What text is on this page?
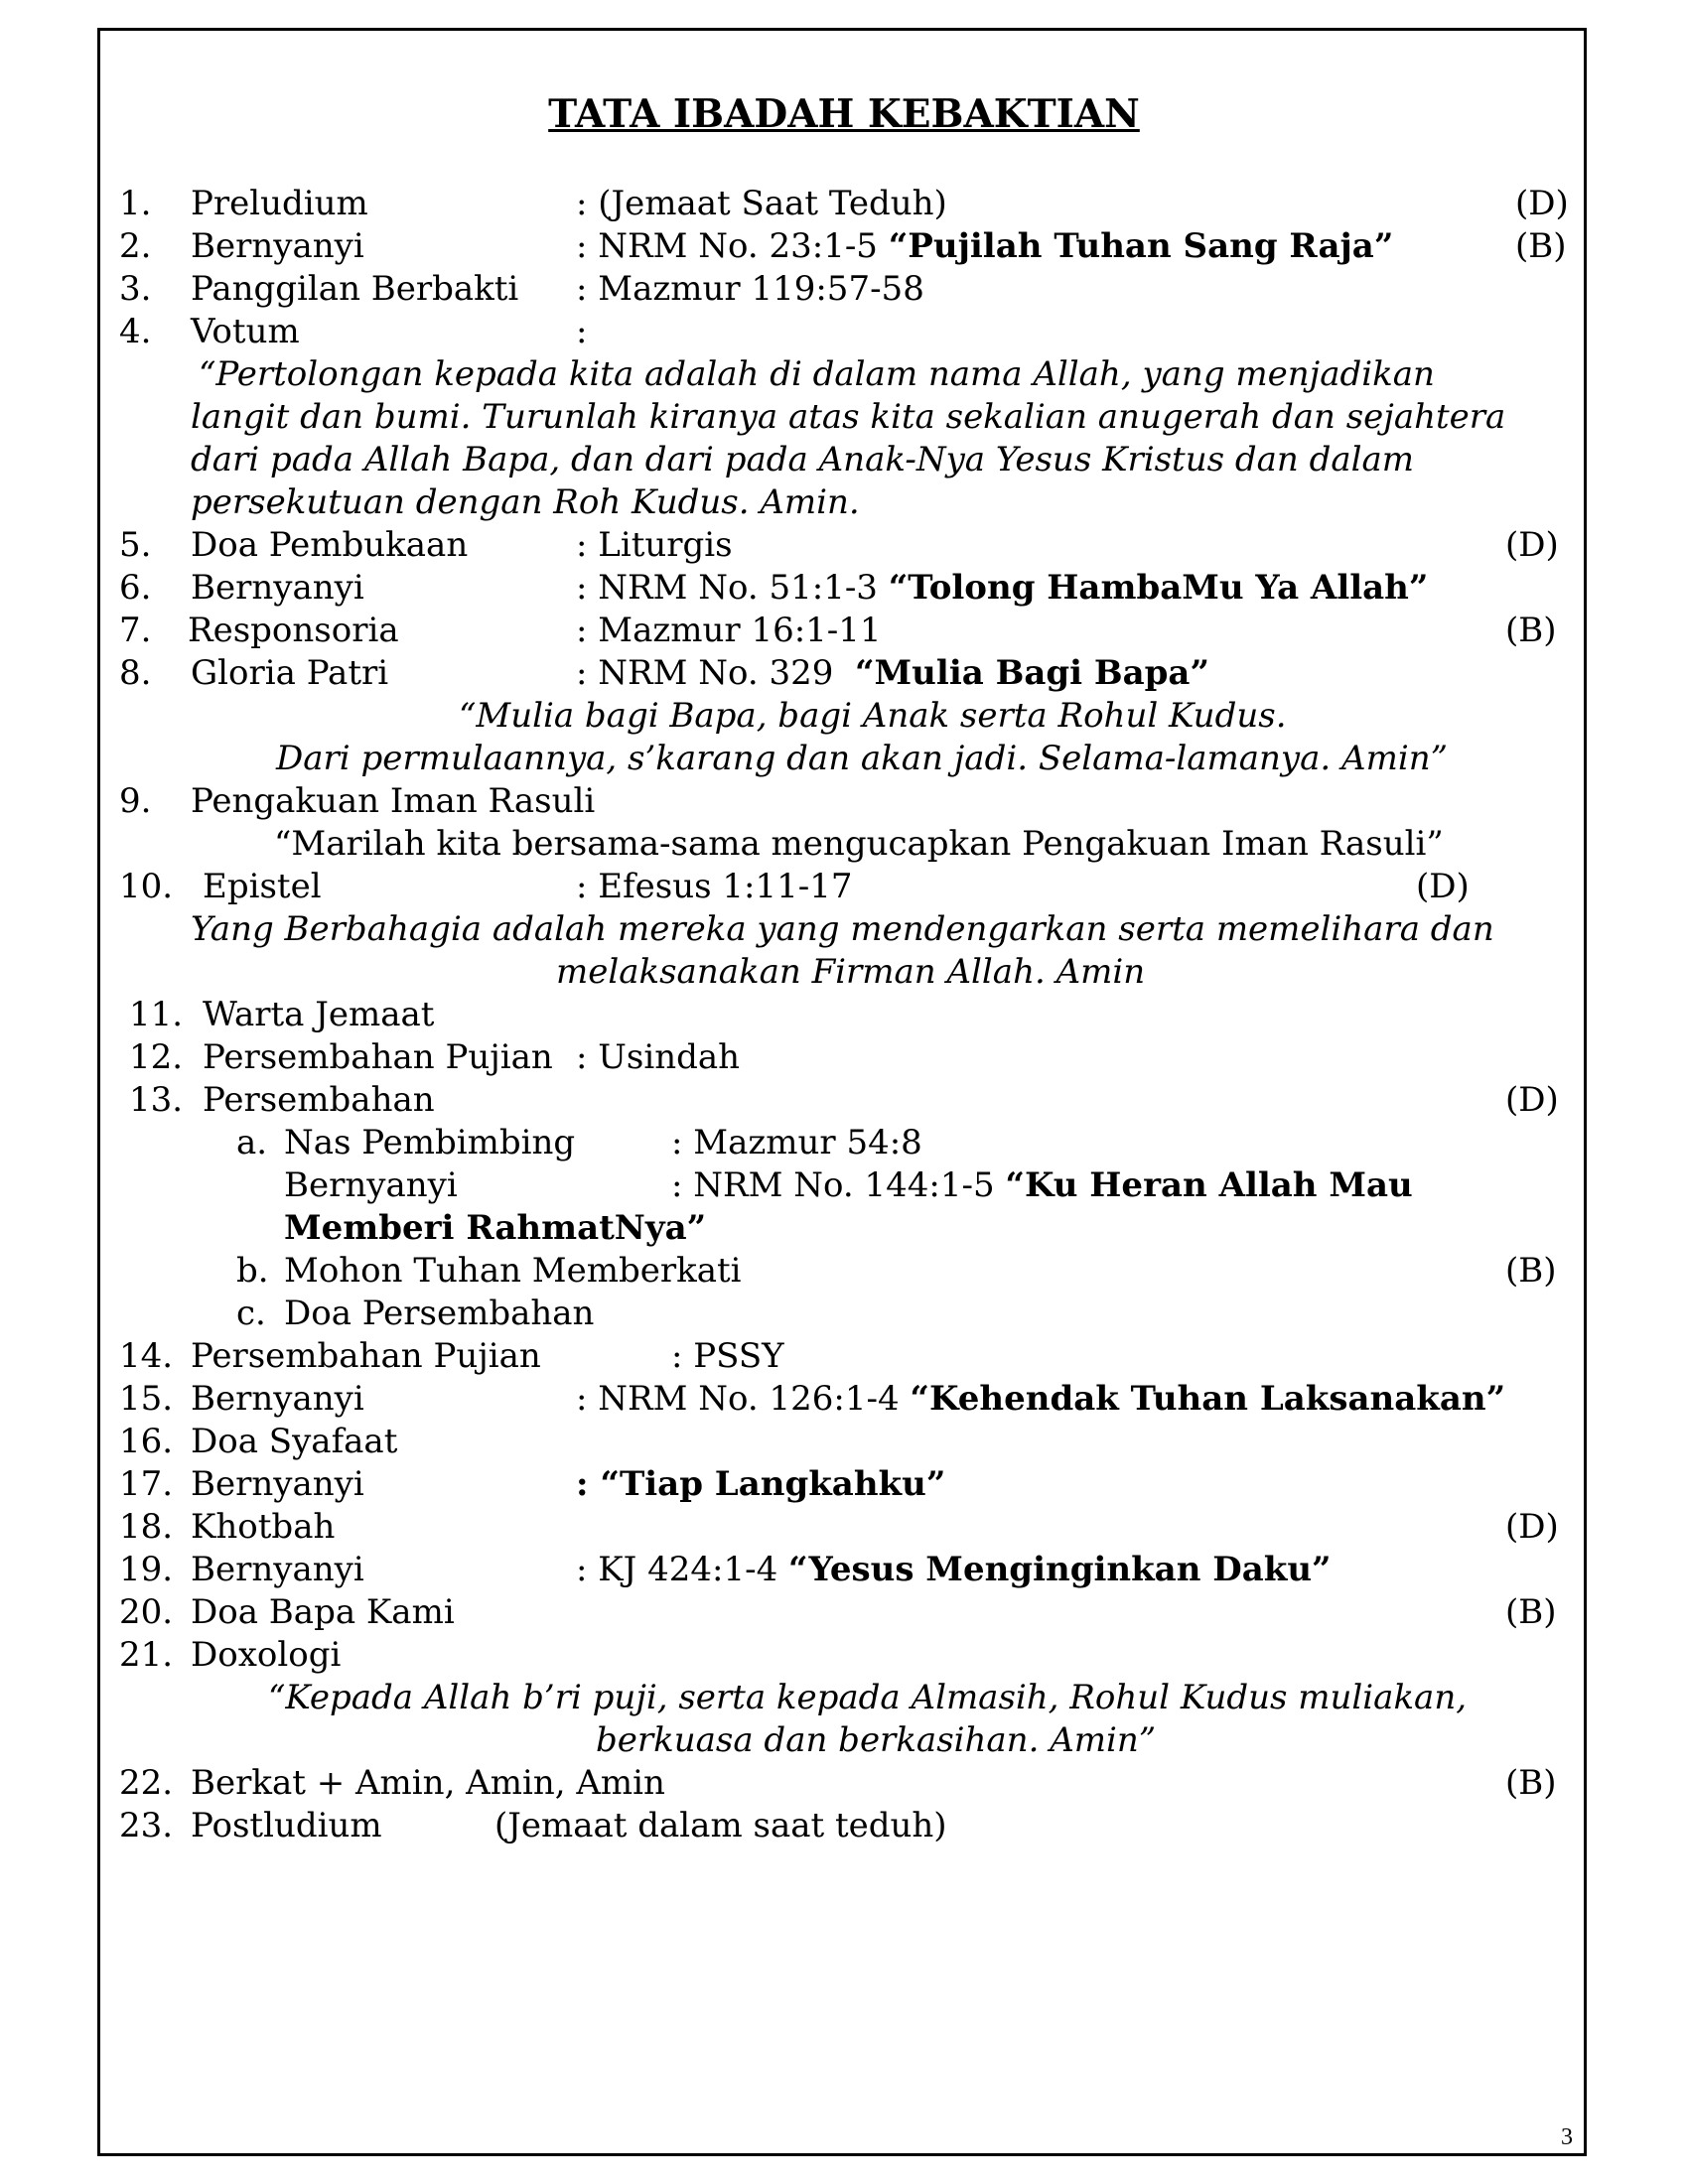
TATA IBADAH KEBAKTIAN
1. Preludium	: (Jemaat Saat Teduh)	(D)
2. Bernyanyi	: NRM No. 23:1-5 “Pujilah Tuhan Sang Raja”	(B)
3. Panggilan Berbakti : Mazmur 119:57-58
4. Votum	:
“Pertolongan kepada kita adalah di dalam nama Allah, yang menjadikan
langit dan bumi. Turunlah kiranya atas kita sekalian anugerah dan sejahtera
dari pada Allah Bapa, dan dari pada Anak-Nya Yesus Kristus dan dalam
persekutuan dengan Roh Kudus. Amin.
5. Doa Pembukaan	: Liturgis	(D)
6. Bernyanyi	: NRM No. 51:1-3 “Tolong HambaMu Ya Allah”
7. Responsoria	: Mazmur 16:1-11	(B)
8. Gloria Patri	: NRM No. 329  “Mulia Bagi Bapa”
“Mulia bagi Bapa, bagi Anak serta Rohul Kudus.
Dari permulaannya, s’karang dan akan jadi. Selama-lamanya. Amin”
9. Pengakuan Iman Rasuli
“Marilah kita bersama-sama mengucapkan Pengakuan Iman Rasuli”
10. Epistel	: Efesus 1:11-17	(D)
Yang Berbahagia adalah mereka yang mendengarkan serta memelihara dan
melaksanakan Firman Allah. Amin
11. Warta Jemaat
12. Persembahan Pujian : Usindah
13. Persembahan	(D)
a. Nas Pembimbing	: Mazmur 54:8
Bernyanyi	: NRM No. 144:1-5 “Ku Heran Allah Mau
Memberi RahmatNya”
b. Mohon Tuhan Memberkati	(B)
c. Doa Persembahan
14. Persembahan Pujian	: PSSY
15. Bernyanyi	: NRM No. 126:1-4 “Kehendak Tuhan Laksanakan”
16. Doa Syafaat
17. Bernyanyi	: “Tiap Langkahku”
18. Khotbah	(D)
19. Bernyanyi	: KJ 424:1-4 “Yesus Menginginkan Daku”
20. Doa Bapa Kami	(B)
21. Doxologi
“Kepada Allah b’ri puji, serta kepada Almasih, Rohul Kudus muliakan,
berkuasa dan berkasihan. Amin”
22. Berkat + Amin, Amin, Amin	(B)
23. Postludium	(Jemaat dalam saat teduh)
3
